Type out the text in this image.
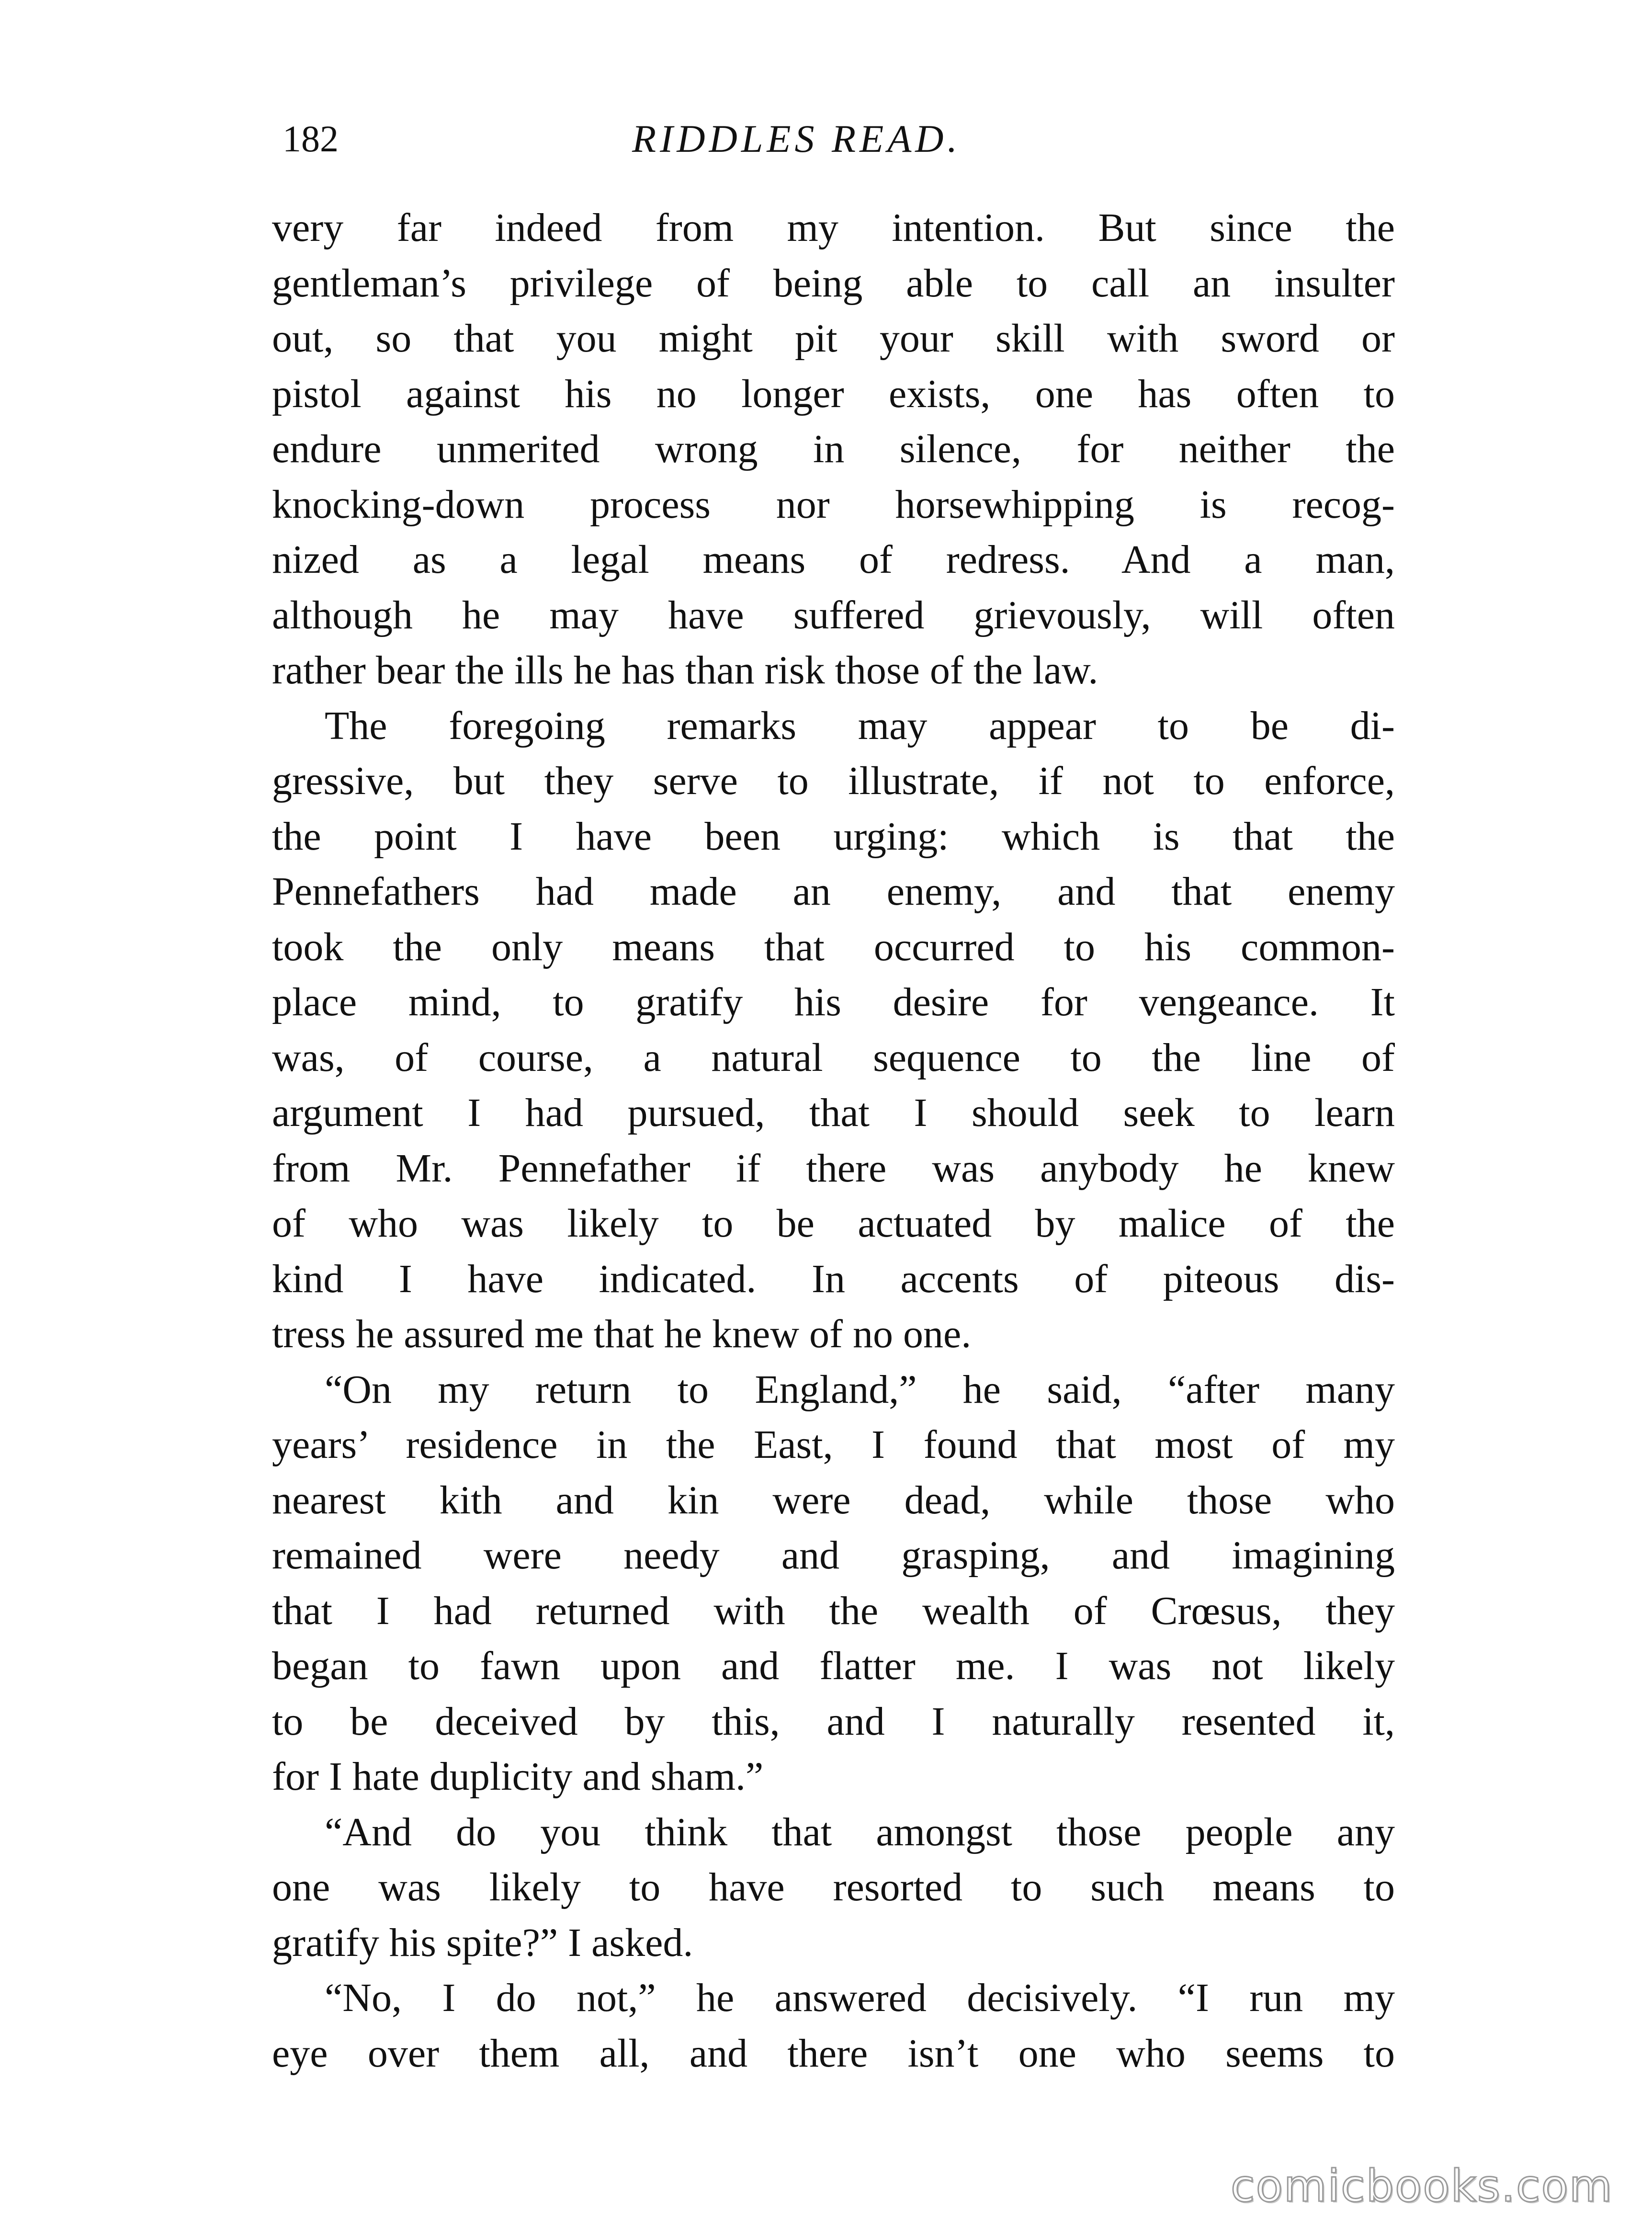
182	RIDDLES READ.
very far indeed from my intention. But since the
gentleman’s privilege of being able to call an insulter
out, so that you might pit your skill with sword or
pistol against his no longer exists, one has often to
endure unmerited wrong in silence, for neither the
knocking-down process nor horsewhipping is recog-
nized as a legal means of redress. And a man,
although he may have suffered grievously, will often
rather bear the ills he has than risk those of the law.
The foregoing remarks may appear to be di-
gressive, but they serve to illustrate, if not to enforce,
the point I have been urging: which is that the
Pennefathers had made an enemy, and that enemy
took the only means that occurred to his common-
place mind, to gratify his desire for vengeance. It
was, of course, a natural sequence to the line of
argument I had pursued, that I should seek to learn
from Mr. Pennefather if there was anybody he knew
of who was likely to be actuated by malice of the
kind I have indicated. In accents of piteous dis-
tress he assured me that he knew of no one.
“On my return to England,” he said, “after many
years’ residence in the East, I found that most of my
nearest kith and kin were dead, while those who
remained were needy and grasping, and imagining
that I had returned with the wealth of Crœsus, they
began to fawn upon and flatter me. I was not likely
to be deceived by this, and I naturally resented it,
for I hate duplicity and sham.”
“And do you think that amongst those people any
one was likely to have resorted to such means to
gratify his spite?” I asked.
“No, I do not,” he answered decisively. “I run my
eye over them all, and there isn’t one who seems to
comicbooks.com
